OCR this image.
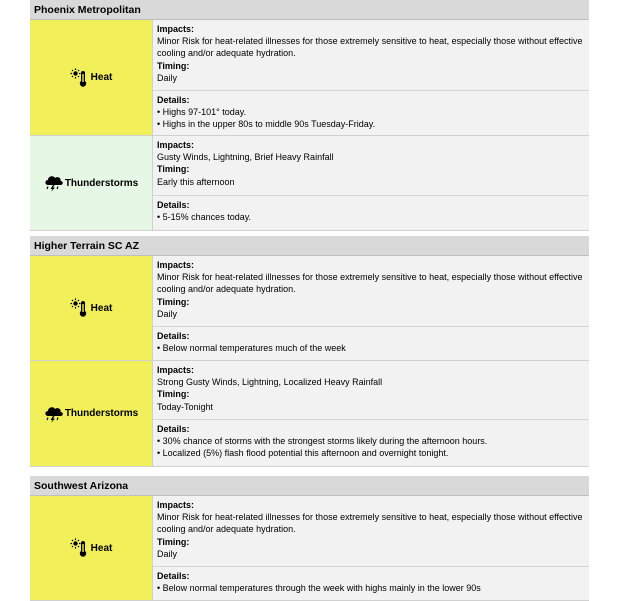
Phoenix Metropolitan
Heat
Impacts:
Minor Risk for heat-related illnesses for those extremely sensitive to heat, especially those without effective cooling and/or adequate hydration.
Timing:
Daily
Details:
• Highs 97-101° today.
• Highs in the upper 80s to middle 90s Tuesday-Friday.
Thunderstorms
Impacts:
Gusty Winds, Lightning, Brief Heavy Rainfall
Timing:
Early this afternoon
Details:
• 5-15% chances today.
Higher Terrain SC AZ
Heat
Impacts:
Minor Risk for heat-related illnesses for those extremely sensitive to heat, especially those without effective cooling and/or adequate hydration.
Timing:
Daily
Details:
• Below normal temperatures much of the week
Thunderstorms
Impacts:
Strong Gusty Winds, Lightning, Localized Heavy Rainfall
Timing:
Today-Tonight
Details:
• 30% chance of storms with the strongest storms likely during the afternoon hours.
• Localized (5%) flash flood potential this afternoon and overnight tonight.
Southwest Arizona
Heat
Impacts:
Minor Risk for heat-related illnesses for those extremely sensitive to heat, especially those without effective cooling and/or adequate hydration.
Timing:
Daily
Details:
• Below normal temperatures through the week with highs mainly in the lower 90s
